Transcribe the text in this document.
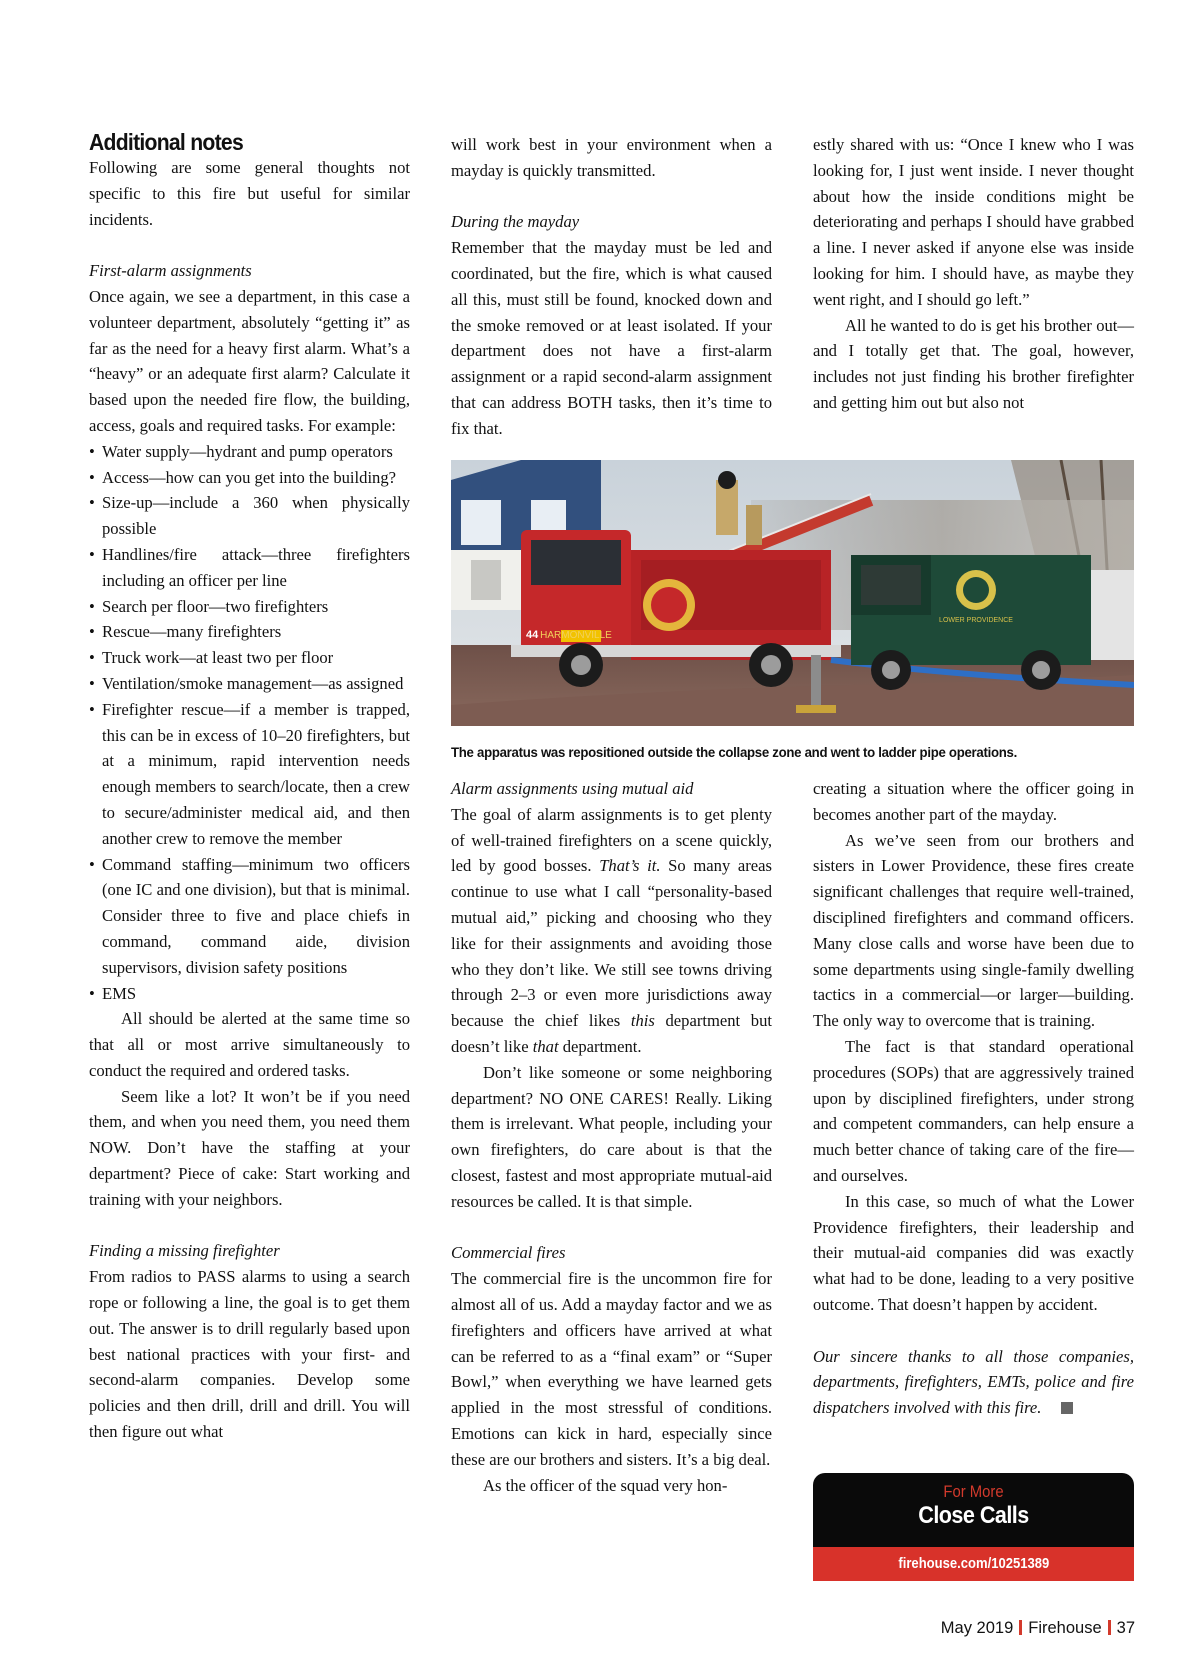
Additional notes

Following are some general thoughts not specific to this fire but useful for similar incidents.

First-alarm assignments

Once again, we see a department, in this case a volunteer department, absolutely “getting it” as far as the need for a heavy first alarm. What’s a “heavy” or an adequate first alarm? Calculate it based upon the needed fire flow, the building, access, goals and required tasks. For example:

• Water supply—hydrant and pump operators
• Access—how can you get into the building?
• Size-up—include a 360 when physically possible
• Handlines/fire attack—three firefighters including an officer per line
• Search per floor—two firefighters
• Rescue—many firefighters
• Truck work—at least two per floor
• Ventilation/smoke management—as assigned
• Firefighter rescue—if a member is trapped, this can be in excess of 10–20 firefighters, but at a minimum, rapid intervention needs enough members to search/locate, then a crew to secure/administer medical aid, and then another crew to remove the member
• Command staffing—minimum two officers (one IC and one division), but that is minimal. Consider three to five and place chiefs in command, command aide, division supervisors, division safety positions
• EMS

All should be alerted at the same time so that all or most arrive simultaneously to conduct the required and ordered tasks.

Seem like a lot? It won’t be if you need them, and when you need them, you need them NOW. Don’t have the staffing at your department? Piece of cake: Start working and training with your neighbors.

Finding a missing firefighter

From radios to PASS alarms to using a search rope or following a line, the goal is to get them out. The answer is to drill regularly based upon best national practices with your first- and second-alarm companies. Develop some policies and then drill, drill and drill. You will then figure out what

will work best in your environment when a mayday is quickly transmitted.

During the mayday

Remember that the mayday must be led and coordinated, but the fire, which is what caused all this, must still be found, knocked down and the smoke removed or at least isolated. If your department does not have a first-alarm assignment or a rapid second-alarm assignment that can address BOTH tasks, then it’s time to fix that.

estly shared with us: “Once I knew who I was looking for, I just went inside. I never thought about how the inside conditions might be deteriorating and perhaps I should have grabbed a line. I never asked if anyone else was inside looking for him. I should have, as maybe they went right, and I should go left.”

All he wanted to do is get his brother out—and I totally get that. The goal, however, includes not just finding his brother firefighter and getting him out but also not

HARMONVILLE
44
LOWER PROVIDENCE
The apparatus was repositioned outside the collapse zone and went to ladder pipe operations.

Alarm assignments using mutual aid

The goal of alarm assignments is to get plenty of well-trained firefighters on a scene quickly, led by good bosses. That’s it. So many areas continue to use what I call “personality-based mutual aid,” picking and choosing who they like for their assignments and avoiding those who they don’t like. We still see towns driving through 2–3 or even more jurisdictions away because the chief likes this department but doesn’t like that department.

Don’t like someone or some neighboring department? NO ONE CARES! Really. Liking them is irrelevant. What people, including your own firefighters, do care about is that the closest, fastest and most appropriate mutual-aid resources be called. It is that simple.

Commercial fires

The commercial fire is the uncommon fire for almost all of us. Add a mayday factor and we as firefighters and officers have arrived at what can be referred to as a “final exam” or “Super Bowl,” when everything we have learned gets applied in the most stressful of conditions. Emotions can kick in hard, especially since these are our brothers and sisters. It’s a big deal.

As the officer of the squad very hon-

creating a situation where the officer going in becomes another part of the mayday.

As we’ve seen from our brothers and sisters in Lower Providence, these fires create significant challenges that require well-trained, disciplined firefighters and command officers. Many close calls and worse have been due to some departments using single-family dwelling tactics in a commercial—or larger—building. The only way to overcome that is training.

The fact is that standard operational procedures (SOPs) that are aggressively trained upon by disciplined firefighters, under strong and competent commanders, can help ensure a much better chance of taking care of the fire—and ourselves.

In this case, so much of what the Lower Providence firefighters, their leadership and their mutual-aid companies did was exactly what had to be done, leading to a very positive outcome. That doesn’t happen by accident.

Our sincere thanks to all those companies, departments, firefighters, EMTs, police and fire dispatchers involved with this fire.

For More
Close Calls
firehouse.com/10251389
May 2019 Firehouse 37
